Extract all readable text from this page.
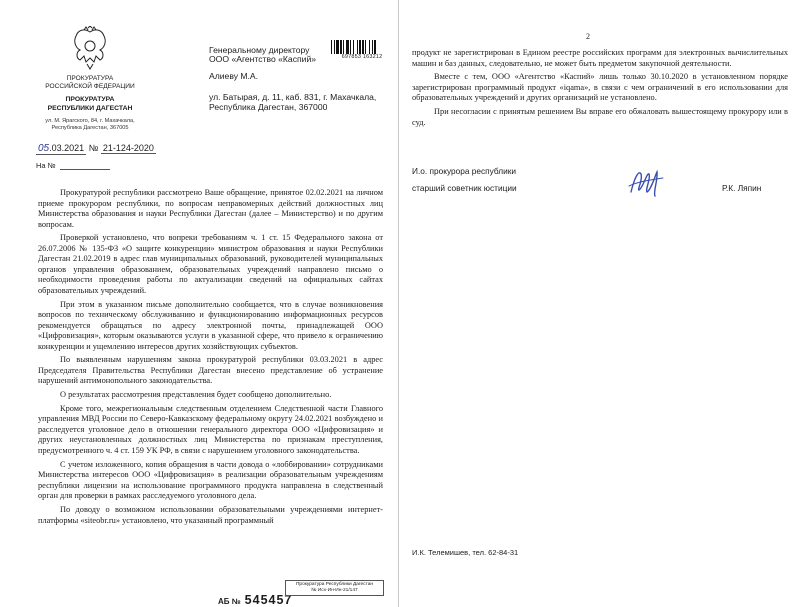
ПРОКУРАТУРА
РОССИЙСКОЙ ФЕДЕРАЦИИ
ПРОКУРАТУРА
РЕСПУБЛИКИ ДАГЕСТАН
ул. М. Ярагского, 84, г. Махачкала,
Республика Дагестан, 367005
05.03.2021 № 21-124-2020
На №
697853 163212
Генеральному директору
ООО «Агентство «Каспий»
Алиеву М.А.
ул. Батырая, д. 11, каб. 831, г. Махачкала, Республика Дагестан, 367000

Прокуратурой республики рассмотрено Ваше обращение, принятое 02.02.2021 на личном приеме прокурором республики, по вопросам неправомерных действий должностных лиц Министерства образования и науки Республики Дагестан (далее – Министерство) и по другим вопросам.

Проверкой установлено, что вопреки требованиям ч. 1 ст. 15 Федерального закона от 26.07.2006 № 135-ФЗ «О защите конкуренции» министром образования и науки Республики Дагестан 21.02.2019 в адрес глав муниципальных образований, руководителей муниципальных органов управления образованием, образовательных учреждений направлено письмо о необходимости проведения работы по актуализации сведений на официальных сайтах образовательных учреждений.

При этом в указанном письме дополнительно сообщается, что в случае возникновения вопросов по техническому обслуживанию и функционированию информационных ресурсов рекомендуется обращаться по адресу электронной почты, принадлежащей ООО «Цифровизация», которым оказываются услуги в указанной сфере, что привело к ограничению конкуренции и ущемлению интересов других хозяйствующих субъектов.

По выявленным нарушениям закона прокуратурой республики 03.03.2021 в адрес Председателя Правительства Республики Дагестан внесено представление об устранение нарушений антимонопольного законодательства.

О результатах рассмотрения представления будет сообщено дополнительно.

Кроме того, межрегиональным следственным отделением Следственной части Главного управления МВД России по Северо-Кавказскому федеральному округу 24.02.2021 возбуждено и расследуется уголовное дело в отношении генерального директора ООО «Цифровизация» и других неустановленных должностных лиц Министерства по признакам преступления, предусмотренного ч. 4 ст. 159 УК РФ, в связи с нарушением уголовного законодательства.

С учетом изложенного, копия обращения в части довода о «лоббировании» сотрудниками Министерства интересов ООО «Цифровизация» в реализации образовательным учреждениям республики лицензии на использование программного продукта направлена в следственный орган для проверки в рамках расследуемого уголовного дела.

По доводу о возможном использовании образовательными учреждениями интернет-платформы «siteobr.ru» установлено, что указанный программный

АБ № 545457
Прокуратура Республики Дагестан
№ Исх-Ин-Ин-21/147
2

продукт не зарегистрирован в Едином реестре российских программ для электронных вычислительных машин и баз данных, следовательно, не может быть предметом закупочной деятельности.

Вместе с тем, ООО «Агентство «Каспий» лишь только 30.10.2020 в установленном порядке зарегистрирован программный продукт «iqama», в связи с чем ограничений в его использовании для образовательных учреждений и других организаций не установлено.

При несогласии с принятым решением Вы вправе его обжаловать вышестоящему прокурору или в суд.

И.о. прокурора республики
старший советник юстиции	Р.К. Ляпин
И.К. Телемишев, тел. 62-84-31
